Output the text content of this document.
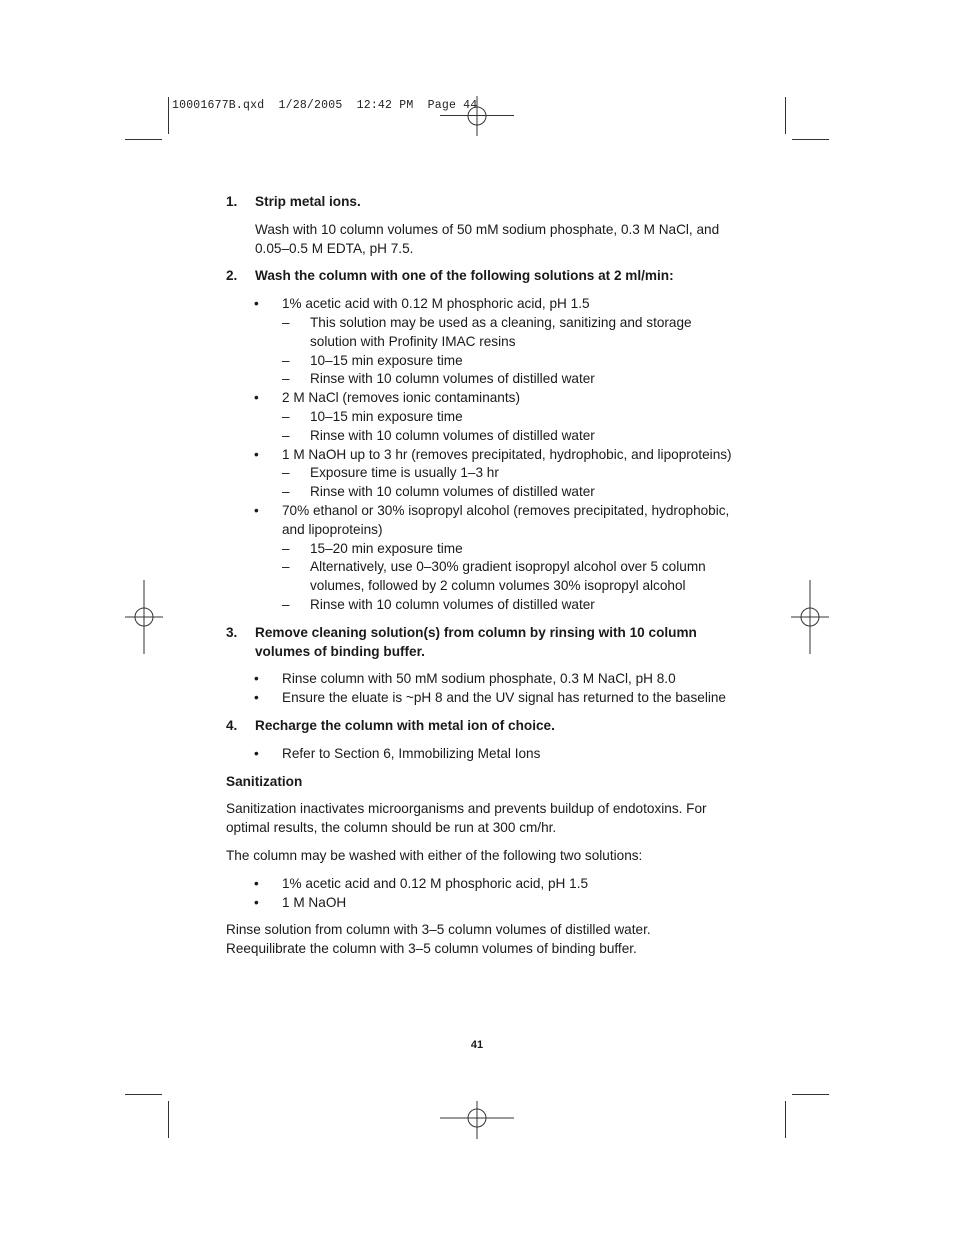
10001677B.qxd  1/28/2005  12:42 PM  Page 44
1. Strip metal ions.
Wash with 10 column volumes of 50 mM sodium phosphate, 0.3 M NaCl, and 0.05–0.5 M EDTA, pH 7.5.
2. Wash the column with one of the following solutions at 2 ml/min:
• 1% acetic acid with 0.12 M phosphoric acid, pH 1.5
– This solution may be used as a cleaning, sanitizing and storage solution with Profinity IMAC resins
– 10–15 min exposure time
– Rinse with 10 column volumes of distilled water
• 2 M NaCl (removes ionic contaminants)
– 10–15 min exposure time
– Rinse with 10 column volumes of distilled water
• 1 M NaOH up to 3 hr (removes precipitated, hydrophobic, and lipoproteins)
– Exposure time is usually 1–3 hr
– Rinse with 10 column volumes of distilled water
• 70% ethanol or 30% isopropyl alcohol (removes precipitated, hydrophobic, and lipoproteins)
– 15–20 min exposure time
– Alternatively, use 0–30% gradient isopropyl alcohol over 5 column volumes, followed by 2 column volumes 30% isopropyl alcohol
– Rinse with 10 column volumes of distilled water
3. Remove cleaning solution(s) from column by rinsing with 10 column volumes of binding buffer.
• Rinse column with 50 mM sodium phosphate, 0.3 M NaCl, pH 8.0
• Ensure the eluate is ~pH 8 and the UV signal has returned to the baseline
4. Recharge the column with metal ion of choice.
• Refer to Section 6, Immobilizing Metal Ions
Sanitization
Sanitization inactivates microorganisms and prevents buildup of endotoxins. For optimal results, the column should be run at 300 cm/hr.
The column may be washed with either of the following two solutions:
• 1% acetic acid and 0.12 M phosphoric acid, pH 1.5
• 1 M NaOH
Rinse solution from column with 3–5 column volumes of distilled water.
Reequilibrate the column with 3–5 column volumes of binding buffer.
41
